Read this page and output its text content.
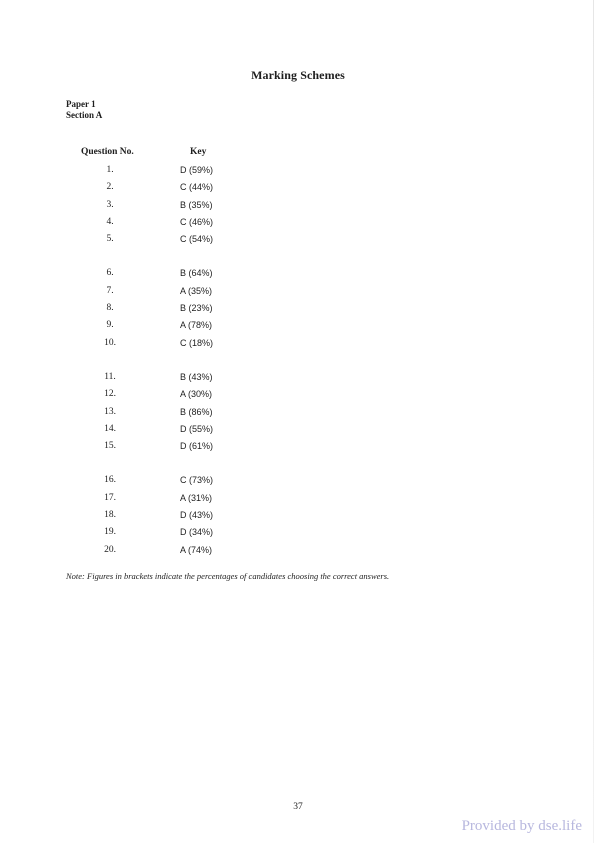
Marking Schemes
Paper 1
Section A
Question No.	Key
1.	D (59%)
2.	C (44%)
3.	B (35%)
4.	C (46%)
5.	C (54%)
6.	B (64%)
7.	A (35%)
8.	B (23%)
9.	A (78%)
10.	C (18%)
11.	B (43%)
12.	A (30%)
13.	B (86%)
14.	D (55%)
15.	D (61%)
16.	C (73%)
17.	A (31%)
18.	D (43%)
19.	D (34%)
20.	A (74%)
Note: Figures in brackets indicate the percentages of candidates choosing the correct answers.
37
Provided by dse.life
